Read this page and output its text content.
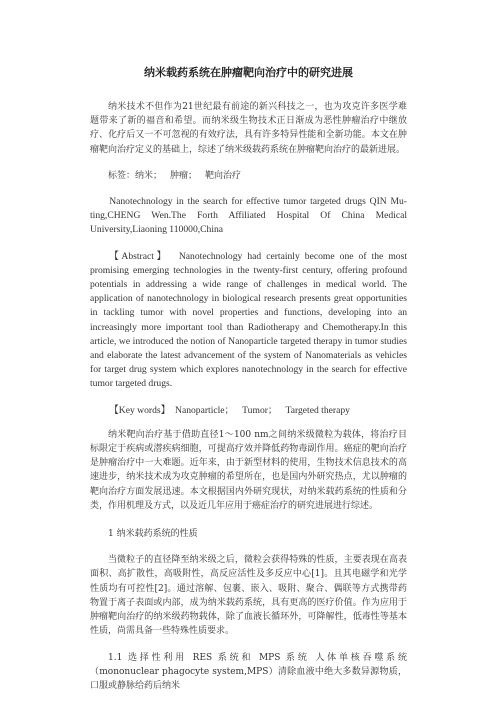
纳米载药系统在肿瘤靶向治疗中的研究进展

纳米技术不但作为21世纪最有前途的新兴科技之一，也为攻克许多医学难题带来了新的福音和希望。而纳米级生物技术正日渐成为恶性肿瘤治疗中继放疗、化疗后又一不可忽视的有效疗法，具有许多特异性能和全新功能。本文在肿瘤靶向治疗定义的基础上，综述了纳米级载药系统在肿瘤靶向治疗的最新进展。

标签：纳米； 肿瘤； 靶向治疗

Nanotechnology in the search for effective tumor targeted drugs QIN Mu-ting,CHENG Wen.The Forth Affiliated Hospital Of China Medical University,Liaoning 110000,China

【Abstract】 Nanotechnology had certainly become one of the most promising emerging technologies in the twenty-first century, offering profound potentials in addressing a wide range of challenges in medical world. The application of nanotechnology in biological research presents great opportunities in tackling tumor with novel properties and functions, developing into an increasingly more important tool than Radiotherapy and Chemotherapy.In this article, we introduced the notion of Nanoparticle targeted therapy in tumor studies and elaborate the latest advancement of the system of Nanomaterials as vehicles for target drug system which explores nanotechnology in the search for effective tumor targeted drugs.

【Key words】 Nanoparticle； Tumor； Targeted therapy

纳米靶向治疗基于借助直径1～100 nm之间纳米级微粒为载体，将治疗目标限定于疾病或潜疾病细胞，可提高疗效并降低药物毒副作用。癌症的靶向治疗是肿瘤治疗中一大难题。近年来，由于新型材料的使用，生物技术信息技术的高速进步，纳米技术成为攻克肿瘤的希望所在，也是国内外研究热点，尤以肿瘤的靶向治疗方面发展迅速。本文根据国内外研究现状，对纳米载药系统的性质和分类，作用机理及方式，以及近几年应用于癌症治疗的研究进展进行综述。

1 纳米载药系统的性质

当微粒子的直径降至纳米级之后，微粒会获得特殊的性质，主要表现在高表面积、高扩散性，高吸附性，高反应活性及多反应中心[1]。且其电磁学和光学性质均有可控性[2]。通过溶解、包裹、嵌入、吸附、聚合、偶联等方式携带药物置于离子表面或内部，成为纳米载药系统，具有更高的医疗价值。作为应用于肿瘤靶向治疗的纳米级药物载体，除了血液长循环外，可降解性，低毒性等基本性质，尚需具备一些特殊性质要求。

1.1 选择性利用 RES 系统和 MPS 系统 人体单核吞噬系统（mononuclear phagocyte system,MPS）清除血液中绝大多数异源物质，口服或静脉给药后纳米
